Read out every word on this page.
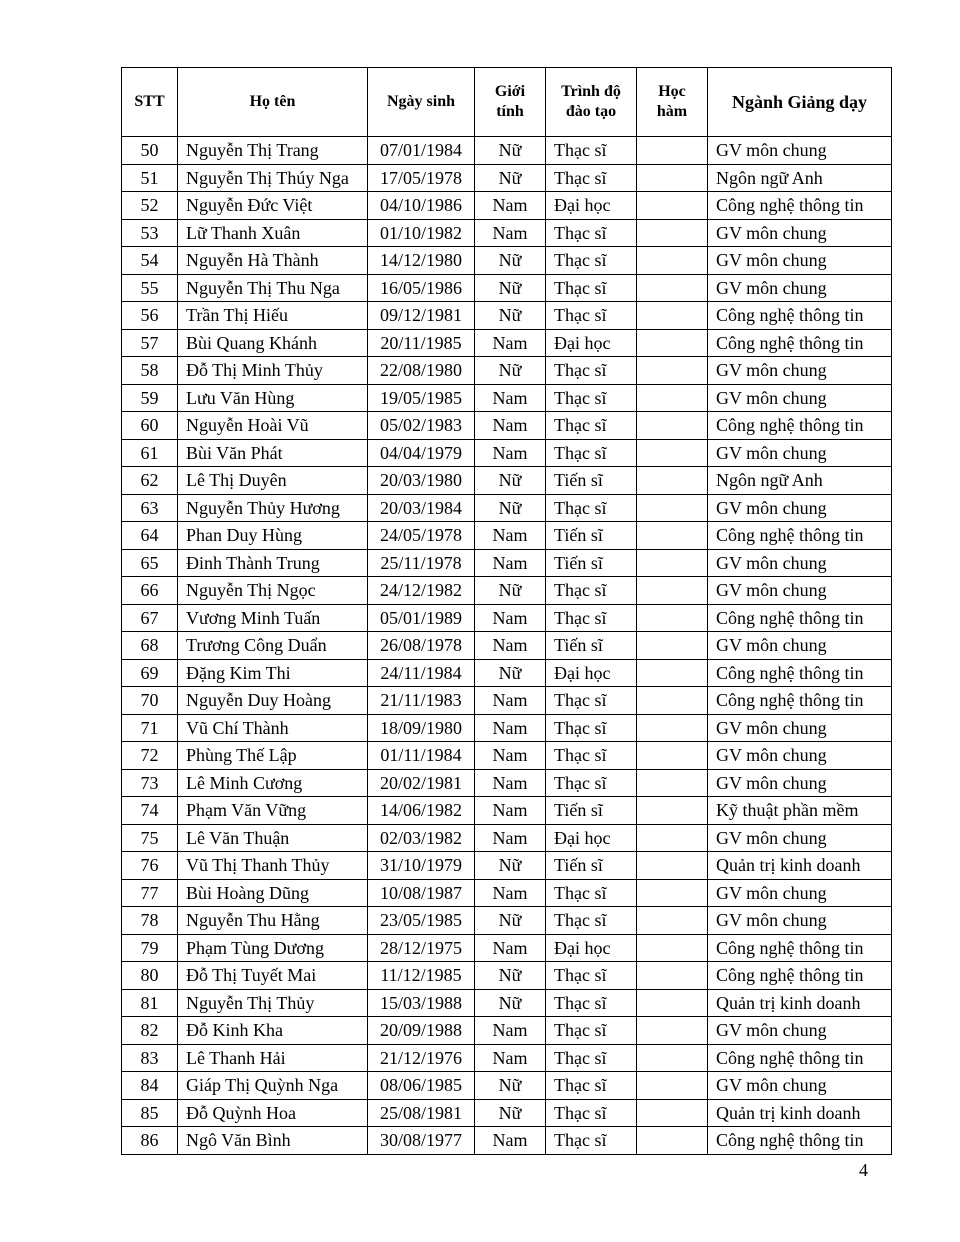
STT	Họ tên	Ngày sinh	Giới tính	Trình độ đào tạo	Học hàm	Ngành Giảng dạy
50	Nguyễn Thị Trang	07/01/1984	Nữ	Thạc sĩ		GV môn chung
51	Nguyễn Thị Thúy Nga	17/05/1978	Nữ	Thạc sĩ		Ngôn ngữ Anh
52	Nguyễn Đức Việt	04/10/1986	Nam	Đại học		Công nghệ thông tin
53	Lữ Thanh Xuân	01/10/1982	Nam	Thạc sĩ		GV môn chung
54	Nguyễn Hà Thành	14/12/1980	Nữ	Thạc sĩ		GV môn chung
55	Nguyễn Thị Thu Nga	16/05/1986	Nữ	Thạc sĩ		GV môn chung
56	Trần Thị Hiếu	09/12/1981	Nữ	Thạc sĩ		Công nghệ thông tin
57	Bùi Quang Khánh	20/11/1985	Nam	Đại học		Công nghệ thông tin
58	Đỗ Thị Minh Thủy	22/08/1980	Nữ	Thạc sĩ		GV môn chung
59	Lưu Văn Hùng	19/05/1985	Nam	Thạc sĩ		GV môn chung
60	Nguyễn Hoài Vũ	05/02/1983	Nam	Thạc sĩ		Công nghệ thông tin
61	Bùi Văn Phát	04/04/1979	Nam	Thạc sĩ		GV môn chung
62	Lê Thị Duyên	20/03/1980	Nữ	Tiến sĩ		Ngôn ngữ Anh
63	Nguyễn Thủy Hương	20/03/1984	Nữ	Thạc sĩ		GV môn chung
64	Phan Duy Hùng	24/05/1978	Nam	Tiến sĩ		Công nghệ thông tin
65	Đinh Thành Trung	25/11/1978	Nam	Tiến sĩ		GV môn chung
66	Nguyễn Thị Ngọc	24/12/1982	Nữ	Thạc sĩ		GV môn chung
67	Vương Minh Tuấn	05/01/1989	Nam	Thạc sĩ		Công nghệ thông tin
68	Trương Công Duẩn	26/08/1978	Nam	Tiến sĩ		GV môn chung
69	Đặng Kim Thi	24/11/1984	Nữ	Đại học		Công nghệ thông tin
70	Nguyễn Duy Hoàng	21/11/1983	Nam	Thạc sĩ		Công nghệ thông tin
71	Vũ Chí Thành	18/09/1980	Nam	Thạc sĩ		GV môn chung
72	Phùng Thế Lập	01/11/1984	Nam	Thạc sĩ		GV môn chung
73	Lê Minh Cương	20/02/1981	Nam	Thạc sĩ		GV môn chung
74	Phạm Văn Vững	14/06/1982	Nam	Tiến sĩ		Kỹ thuật phần mềm
75	Lê Văn Thuận	02/03/1982	Nam	Đại học		GV môn chung
76	Vũ Thị Thanh Thủy	31/10/1979	Nữ	Tiến sĩ		Quản trị kinh doanh
77	Bùi Hoàng Dũng	10/08/1987	Nam	Thạc sĩ		GV môn chung
78	Nguyễn Thu Hằng	23/05/1985	Nữ	Thạc sĩ		GV môn chung
79	Phạm Tùng Dương	28/12/1975	Nam	Đại học		Công nghệ thông tin
80	Đỗ Thị Tuyết Mai	11/12/1985	Nữ	Thạc sĩ		Công nghệ thông tin
81	Nguyễn Thị Thủy	15/03/1988	Nữ	Thạc sĩ		Quản trị kinh doanh
82	Đỗ Kinh Kha	20/09/1988	Nam	Thạc sĩ		GV môn chung
83	Lê Thanh Hải	21/12/1976	Nam	Thạc sĩ		Công nghệ thông tin
84	Giáp Thị Quỳnh Nga	08/06/1985	Nữ	Thạc sĩ		GV môn chung
85	Đỗ Quỳnh Hoa	25/08/1981	Nữ	Thạc sĩ		Quản trị kinh doanh
86	Ngô Văn Bình	30/08/1977	Nam	Thạc sĩ		Công nghệ thông tin
4
